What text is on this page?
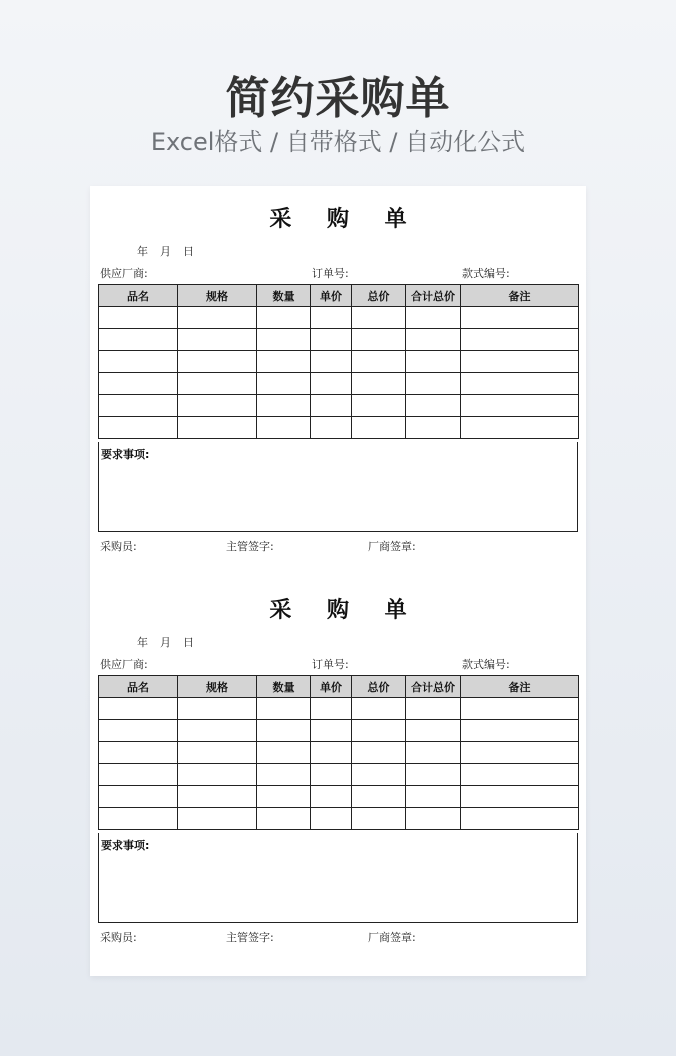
简约采购单
Excel格式 / 自带格式 / 自动化公式
采 购 单
年 月 日
供应厂商:	订单号:	款式编号:
品名	规格	数量	单价	总价	合计总价	备注

要求事项:
采购员:	主管签字:	厂商签章:
采 购 单
年 月 日
供应厂商:	订单号:	款式编号:
品名	规格	数量	单价	总价	合计总价	备注

要求事项:
采购员:	主管签字:	厂商签章:
